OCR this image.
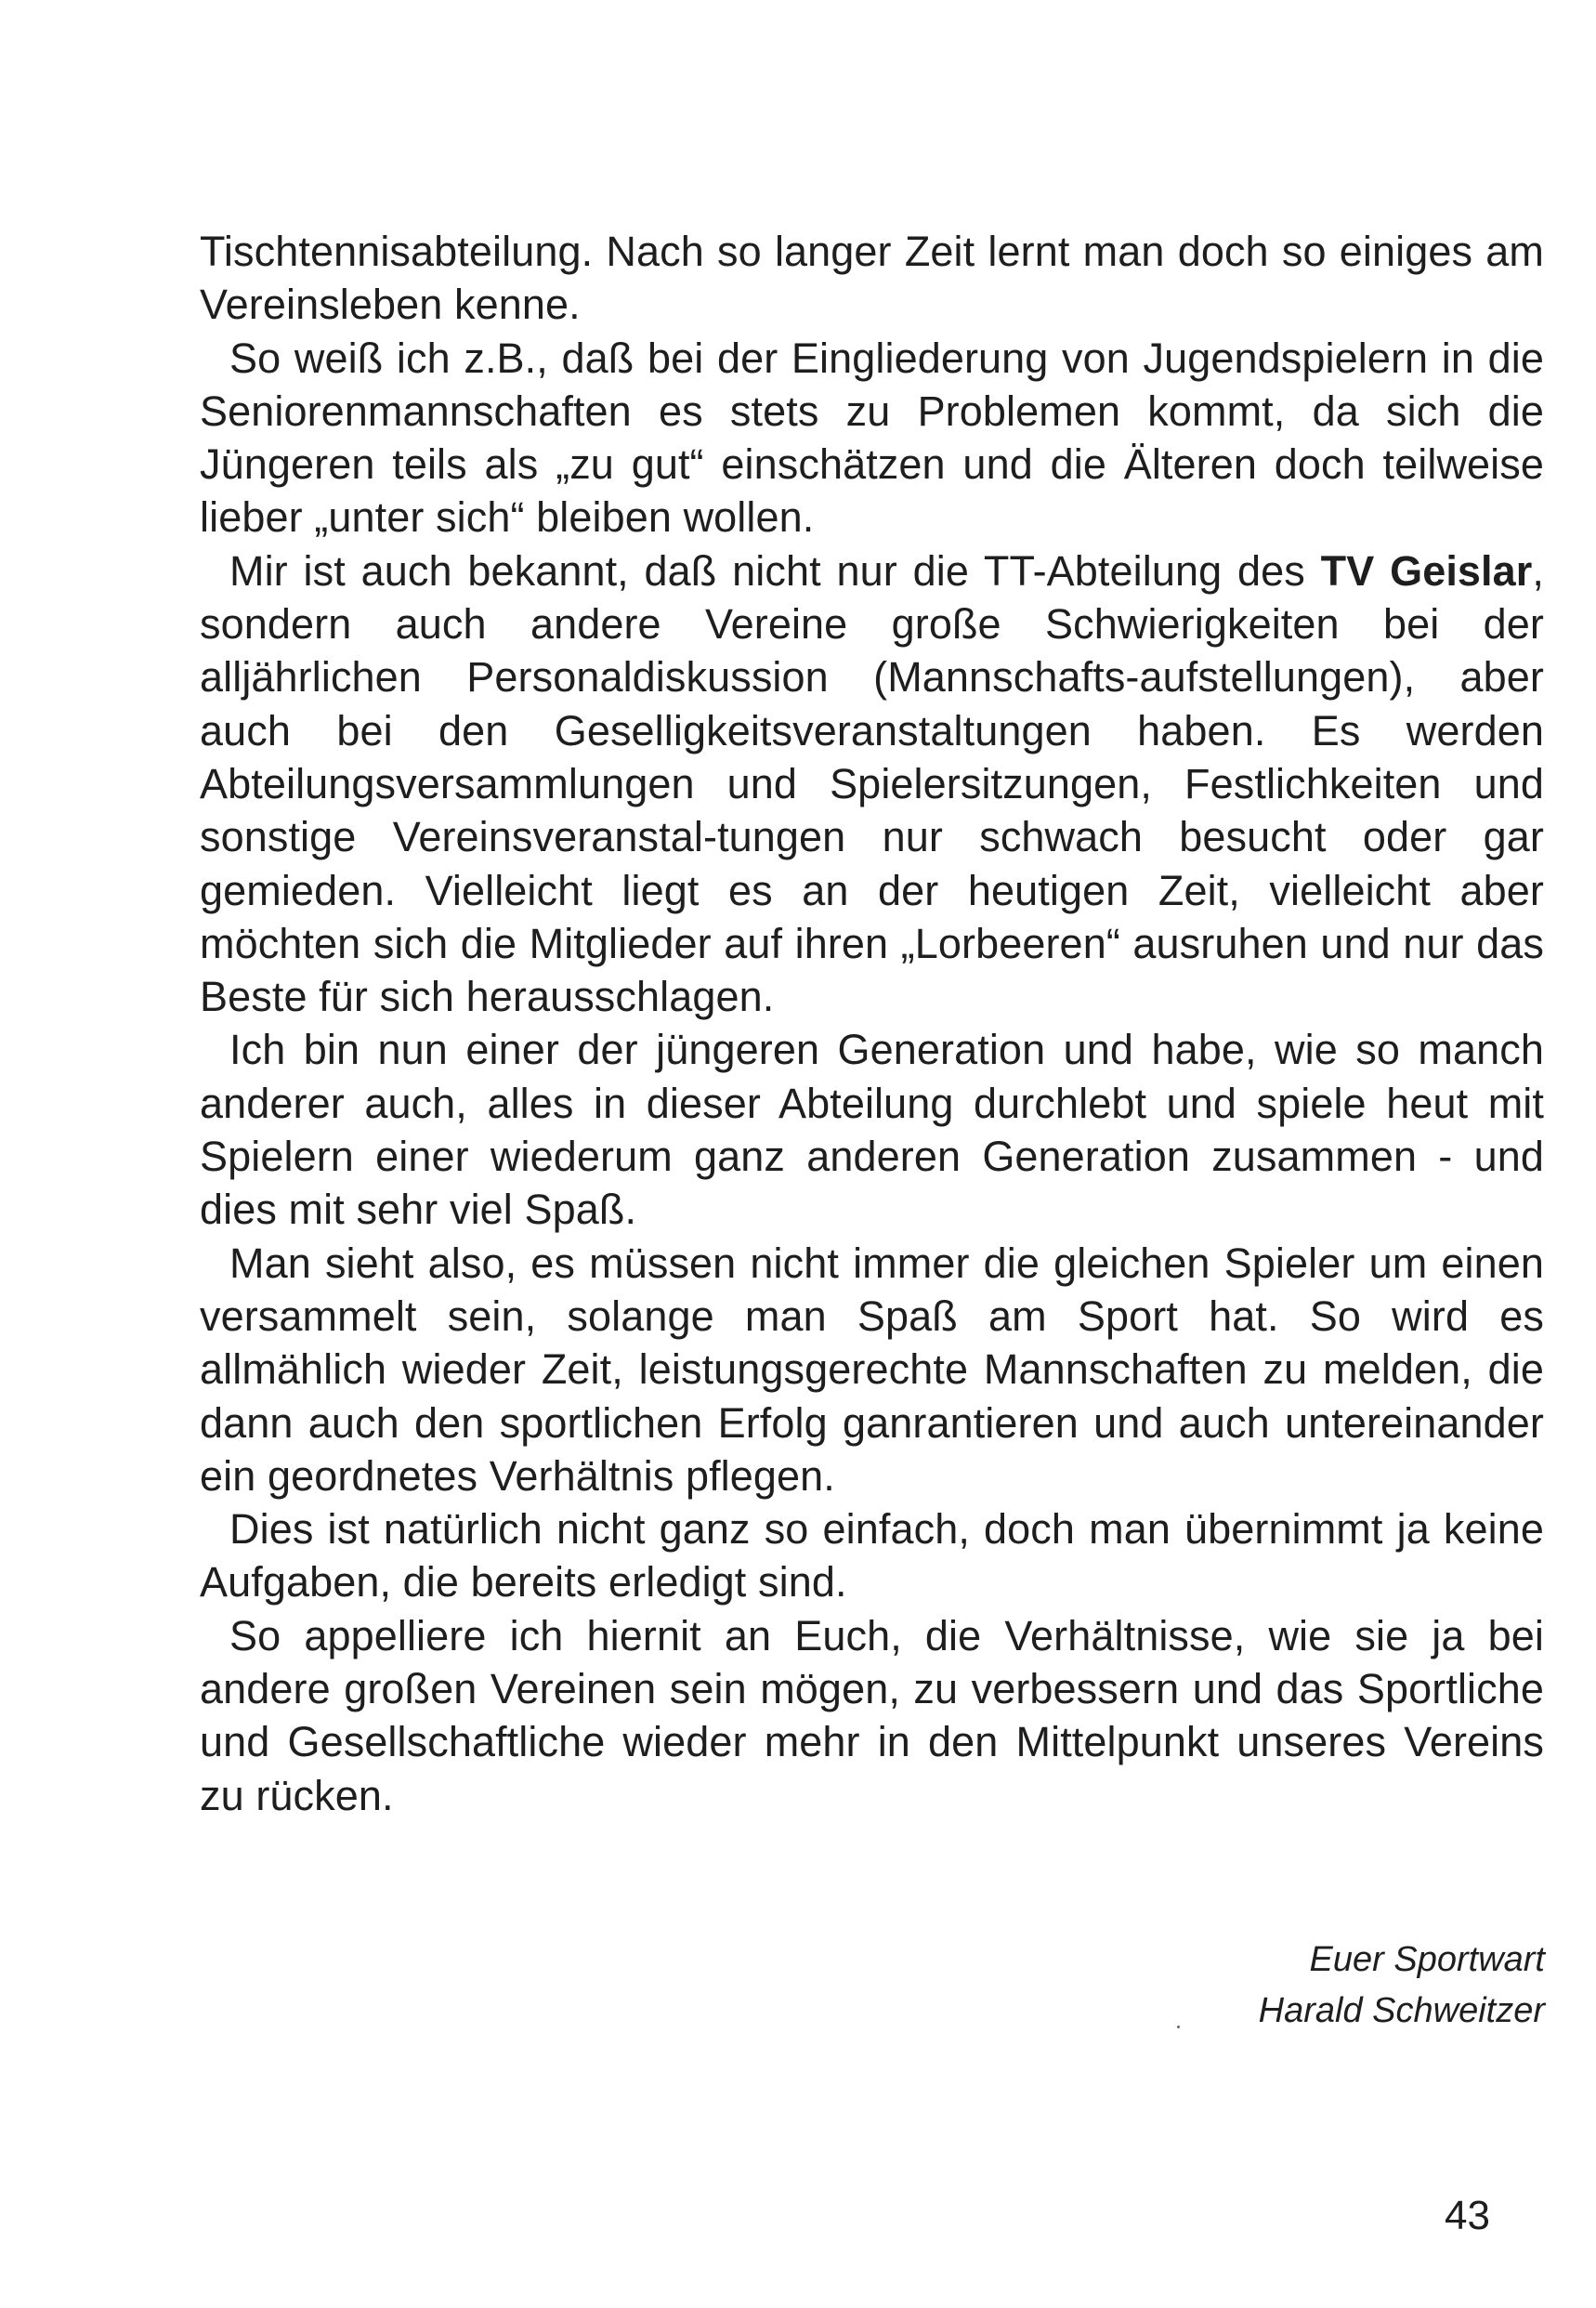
Tischtennisabteilung. Nach so langer Zeit lernt man doch so einiges am Vereinsleben kenne.

So weiß ich z.B., daß bei der Eingliederung von Jugendspielern in die Seniorenmannschaften es stets zu Problemen kommt, da sich die Jüngeren teils als „zu gut“ einschätzen und die Älteren doch teilweise lieber „unter sich“ bleiben wollen.

Mir ist auch bekannt, daß nicht nur die TT-Abteilung des TV Geislar, sondern auch andere Vereine große Schwierigkeiten bei der alljährlichen Personaldiskussion (Mannschafts-aufstellungen), aber auch bei den Geselligkeitsveranstaltungen haben. Es werden Abteilungsversammlungen und Spielersitzungen, Festlichkeiten und sonstige Vereinsveranstal-tungen nur schwach besucht oder gar gemieden. Vielleicht liegt es an der heutigen Zeit, vielleicht aber möchten sich die Mitglieder auf ihren „Lorbeeren“ ausruhen und nur das Beste für sich herausschlagen.

Ich bin nun einer der jüngeren Generation und habe, wie so manch anderer auch, alles in dieser Abteilung durchlebt und spiele heut mit Spielern einer wiederum ganz anderen Generation zusammen - und dies mit sehr viel Spaß.

Man sieht also, es müssen nicht immer die gleichen Spieler um einen versammelt sein, solange man Spaß am Sport hat. So wird es allmählich wieder Zeit, leistungsgerechte Mannschaften zu melden, die dann auch den sportlichen Erfolg ganrantieren und auch untereinander ein geordnetes Verhältnis pflegen.

Dies ist natürlich nicht ganz so einfach, doch man übernimmt ja keine Aufgaben, die bereits erledigt sind.

So appelliere ich hiernit an Euch, die Verhältnisse, wie sie ja bei andere großen Vereinen sein mögen, zu verbessern und das Sportliche und Gesellschaftliche wieder mehr in den Mittelpunkt unseres Vereins zu rücken.

Euer Sportwart
Harald Schweitzer
43
